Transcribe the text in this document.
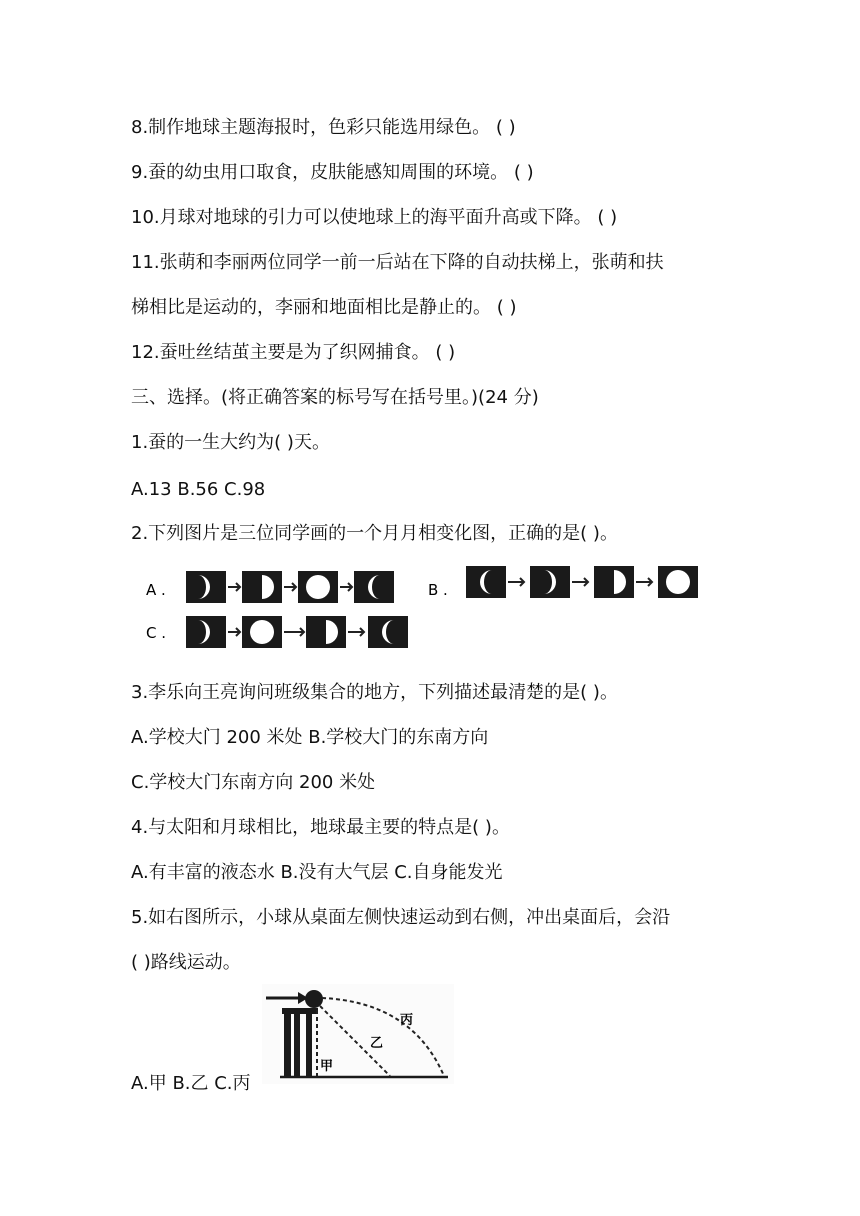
8.制作地球主题海报时，色彩只能选用绿色。 ( )
9.蚕的幼虫用口取食，皮肤能感知周围的环境。 ( )
10.月球对地球的引力可以使地球上的海平面升高或下降。 ( )
11.张萌和李丽两位同学一前一后站在下降的自动扶梯上，张萌和扶
梯相比是运动的，李丽和地面相比是静止的。 ( )
12.蚕吐丝结茧主要是为了织网捕食。 ( )
三、选择。(将正确答案的标号写在括号里。)(24 分)
1.蚕的一生大约为( )天。
A.13 B.56 C.98
2.下列图片是三位同学画的一个月月相变化图，正确的是( )。
A .	B .
C .
3.李乐向王亮询问班级集合的地方，下列描述最清楚的是( )。
A.学校大门 200 米处 B.学校大门的东南方向
C.学校大门东南方向 200 米处
4.与太阳和月球相比，地球最主要的特点是( )。
A.有丰富的液态水 B.没有大气层 C.自身能发光
5.如右图所示，小球从桌面左侧快速运动到右侧，冲出桌面后，会沿
( )路线运动。
甲
乙
丙
A.甲 B.乙 C.丙
